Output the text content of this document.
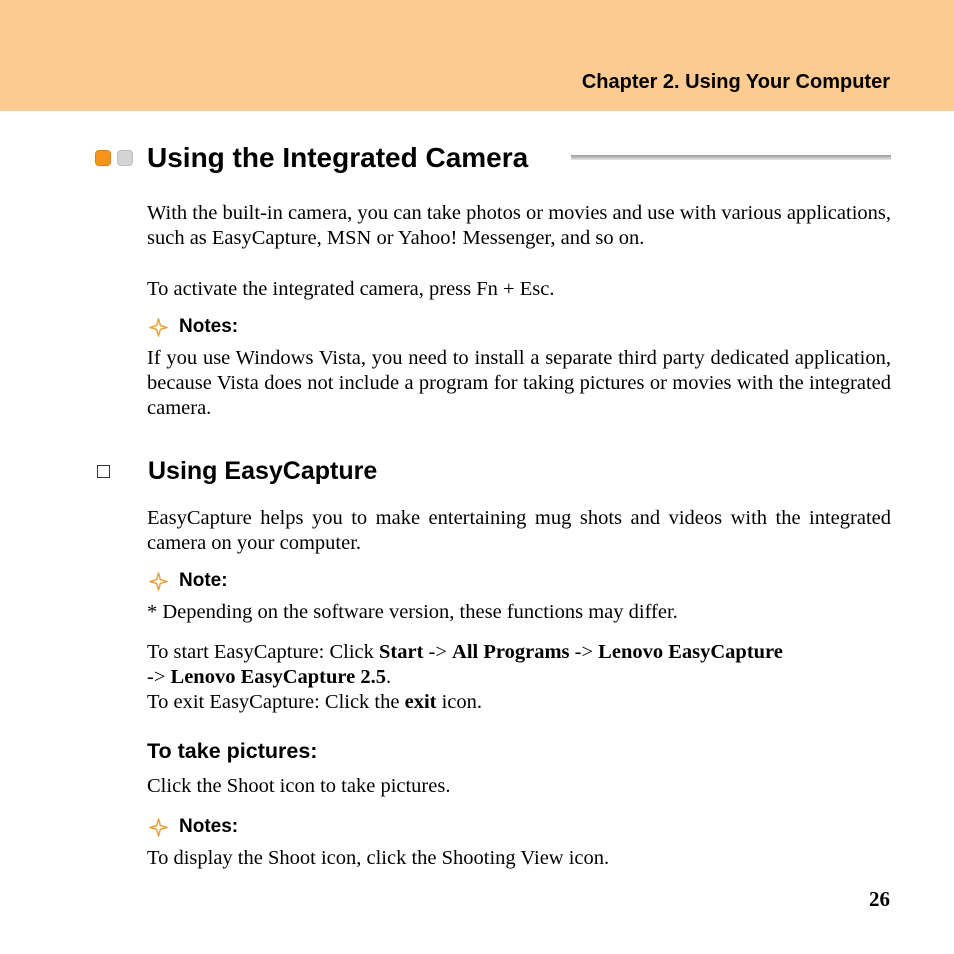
Chapter 2. Using Your Computer
Using the Integrated Camera

With the built-in camera, you can take photos or movies and use with various applications, such as EasyCapture, MSN or Yahoo! Messenger, and so on.

To activate the integrated camera, press Fn + Esc.

Notes:

If you use Windows Vista, you need to install a separate third party dedicated application, because Vista does not include a program for taking pictures or movies with the integrated camera.

Using EasyCapture

EasyCapture helps you to make entertaining mug shots and videos with the integrated camera on your computer.

Note:

* Depending on the software version, these functions may differ.

To start EasyCapture: Click Start -> All Programs -> Lenovo EasyCapture
-> Lenovo EasyCapture 2.5.

To exit EasyCapture: Click the exit icon.

To take pictures:

Click the Shoot icon to take pictures.

Notes:

To display the Shoot icon, click the Shooting View icon.

26
